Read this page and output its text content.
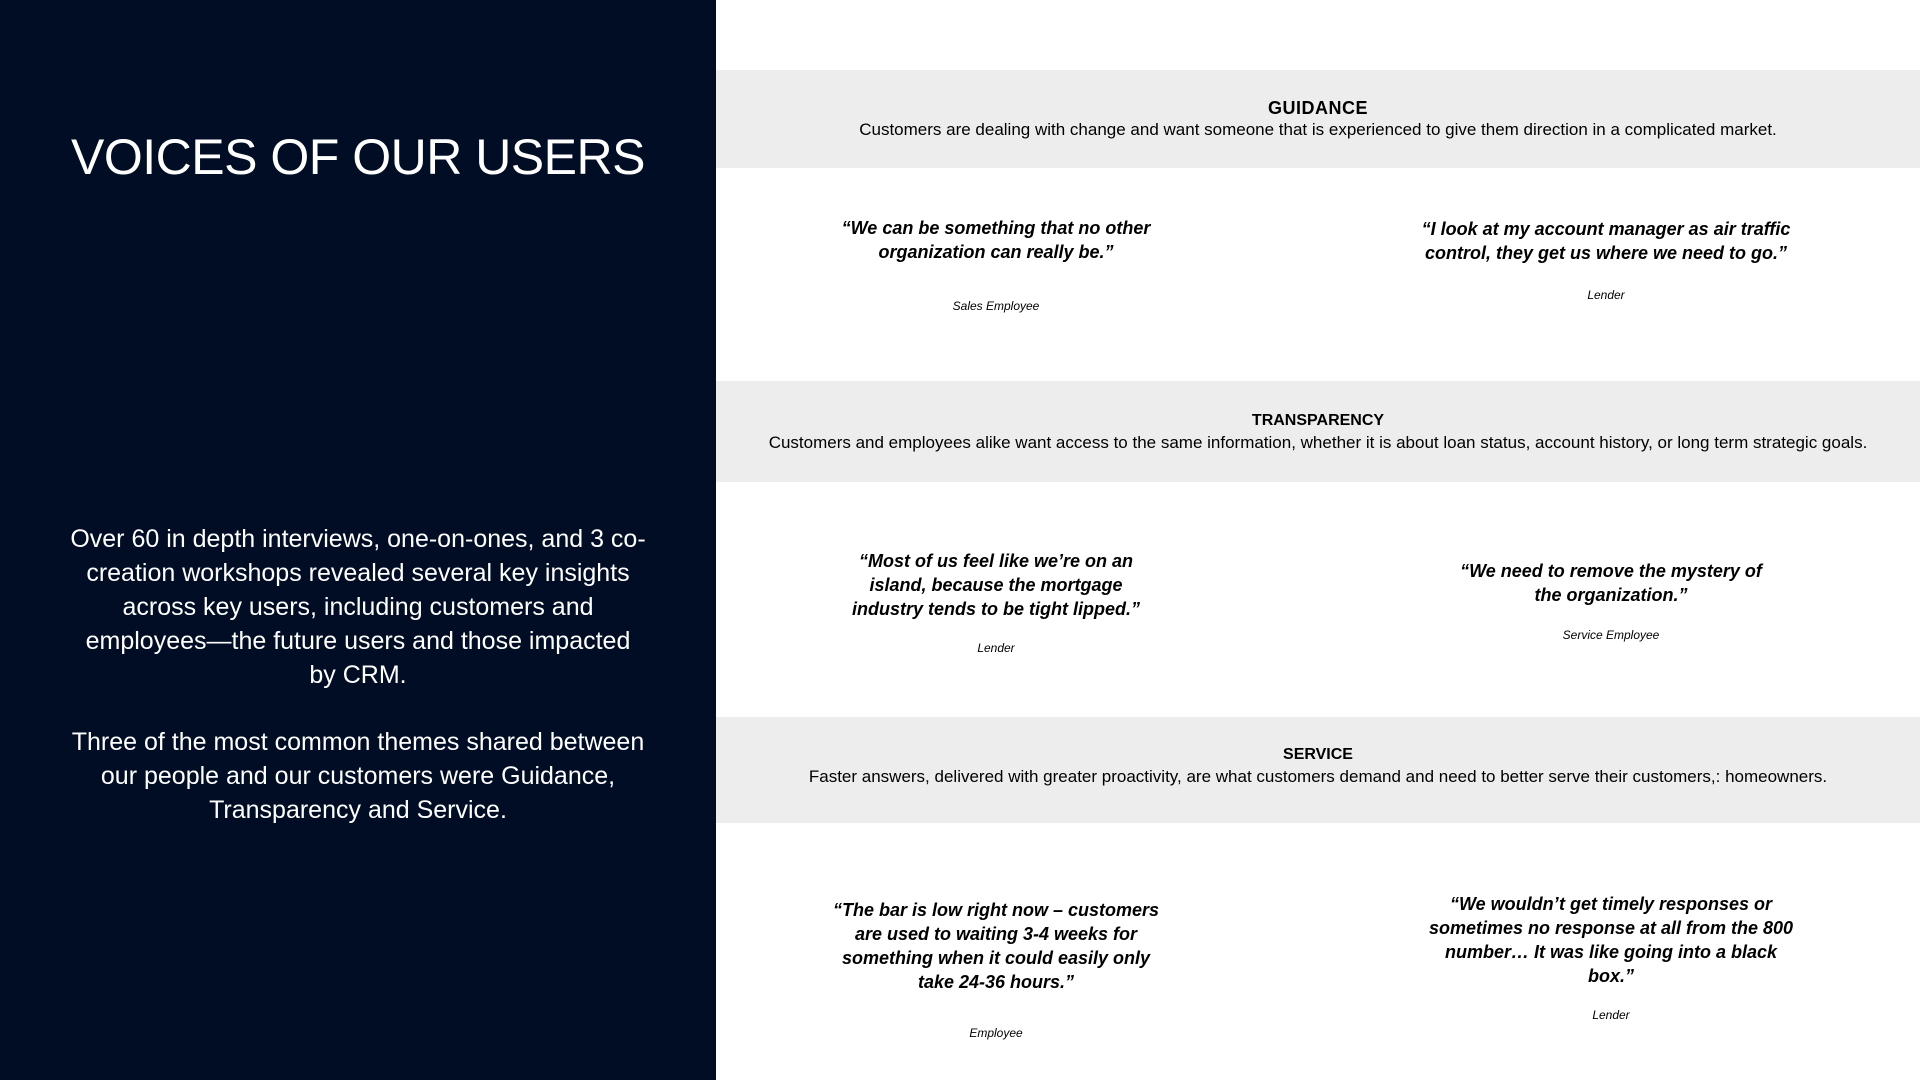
VOICES OF OUR USERS

Over 60 in depth interviews, one-on-ones, and 3 co-creation workshops revealed several key insights across key users, including customers and employees—the future users and those impacted by CRM.

Three of the most common themes shared between our people and our customers were Guidance, Transparency and Service.

GUIDANCE
Customers are dealing with change and want someone that is experienced to give them direction in a complicated market.
“We can be something that no other organization can really be.”
Sales Employee
“I look at my account manager as air traffic control, they get us where we need to go.”
Lender
TRANSPARENCY
Customers and employees alike want access to the same information, whether it is about loan status, account history, or long term strategic goals.
“Most of us feel like we’re on an island, because the mortgage industry tends to be tight lipped.”
Lender
“We need to remove the mystery of the organization.”
Service Employee
SERVICE
Faster answers, delivered with greater proactivity, are what customers demand and need to better serve their customers,: homeowners.
“The bar is low right now – customers are used to waiting 3-4 weeks for something when it could easily only take 24-36 hours.”
Employee
“We wouldn’t get timely responses or sometimes no response at all from the 800 number… It was like going into a black box.”
Lender
